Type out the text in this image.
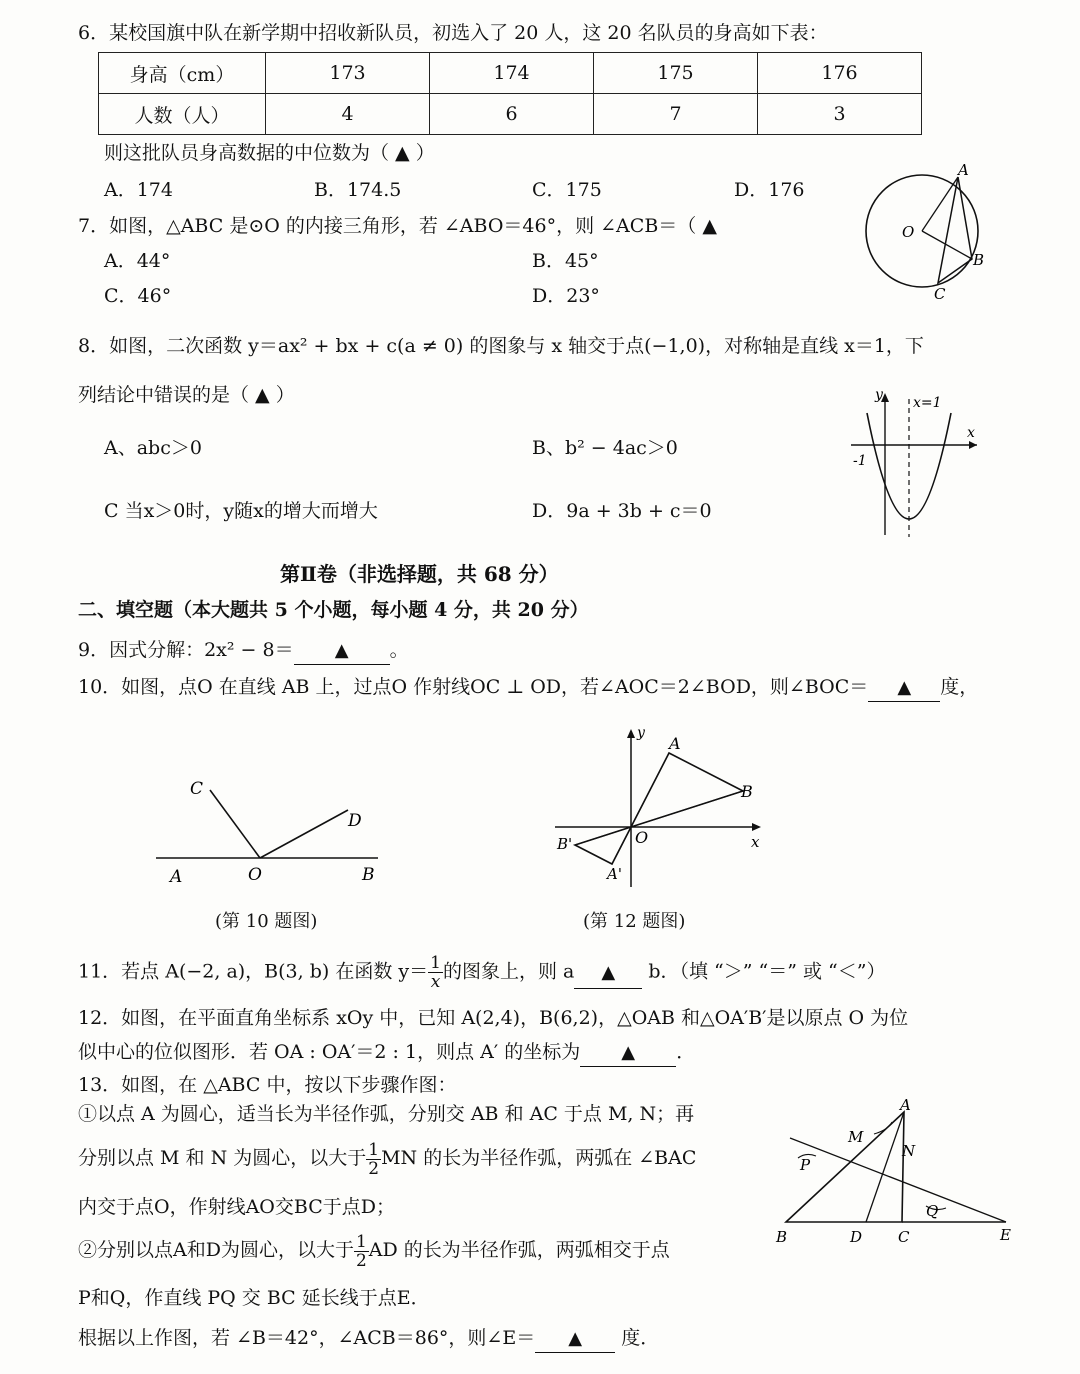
6．某校国旗中队在新学期中招收新队员，初选入了 20 人，这 20 名队员的身高如下表：
身高（cm）	173	174	175	176
人数（人）	4	6	7	3
则这批队员身高数据的中位数为（ ▲ ）
A．174	B．174.5	C．175	D．176
7．如图，△ABC 是⊙O 的内接三角形，若 ∠ABO＝46°，则 ∠ACB＝（ ▲
A．44°	B．45°
C．46°	D．23°
A
O
B
C
8．如图，二次函数 y＝ax² + bx + c(a ≠ 0) 的图象与 x 轴交于点(−1,0)，对称轴是直线 x＝1，下
列结论中错误的是（ ▲ ）
A、abc＞0	B、b² − 4ac＞0
C 当x＞0时，y随x的增大而增大	D．9a + 3b + c＝0
y x=1
x
-1
第Ⅱ卷（非选择题，共 68 分）
二、填空题（本大题共 5 个小题，每小题 4 分，共 20 分）
9．因式分解：2x² − 8＝ ▲ 。
10．如图，点O 在直线 AB 上，过点O 作射线OC ⊥ OD，若∠AOC＝2∠BOD，则∠BOC＝ ▲ 度，
C
D
A	O	B
(第 10 题图)
y
A
B
O	x
B'
A'
(第 12 题图)
11．若点 A(−2, a)，B(3, b) 在函数 $y= \frac{1}{x}$ 的图象上，则 a ▲ b．（填 “＞” “＝” 或 “＜”）
12．如图，在平面直角坐标系 xOy 中，已知 A(2,4)，B(6,2)，△OAB 和△OA′B′是以原点 O 为位
似中心的位似图形．若 OA : OA′＝2 : 1，则点 A′ 的坐标为 ▲ ．
13．如图，在 △ABC 中，按以下步骤作图：
①以点 A 为圆心，适当长为半径作弧，分别交 AB 和 AC 于点 M, N；再
分别以点 M 和 N 为圆心，以大于 $\frac{1}{2}$ MN 的长为半径作弧，两弧在 ∠BAC
内交于点O，作射线AO交BC于点D；
②分别以点A和D为圆心，以大于 $\frac{1}{2}$ AD 的长为半径作弧，两弧相交于点
P和Q，作直线 PQ 交 BC 延长线于点E．
根据以上作图，若 ∠B＝42°，∠ACB＝86°，则∠E＝ ▲ 度．
A
M
N
P
Q
B	D C	E
